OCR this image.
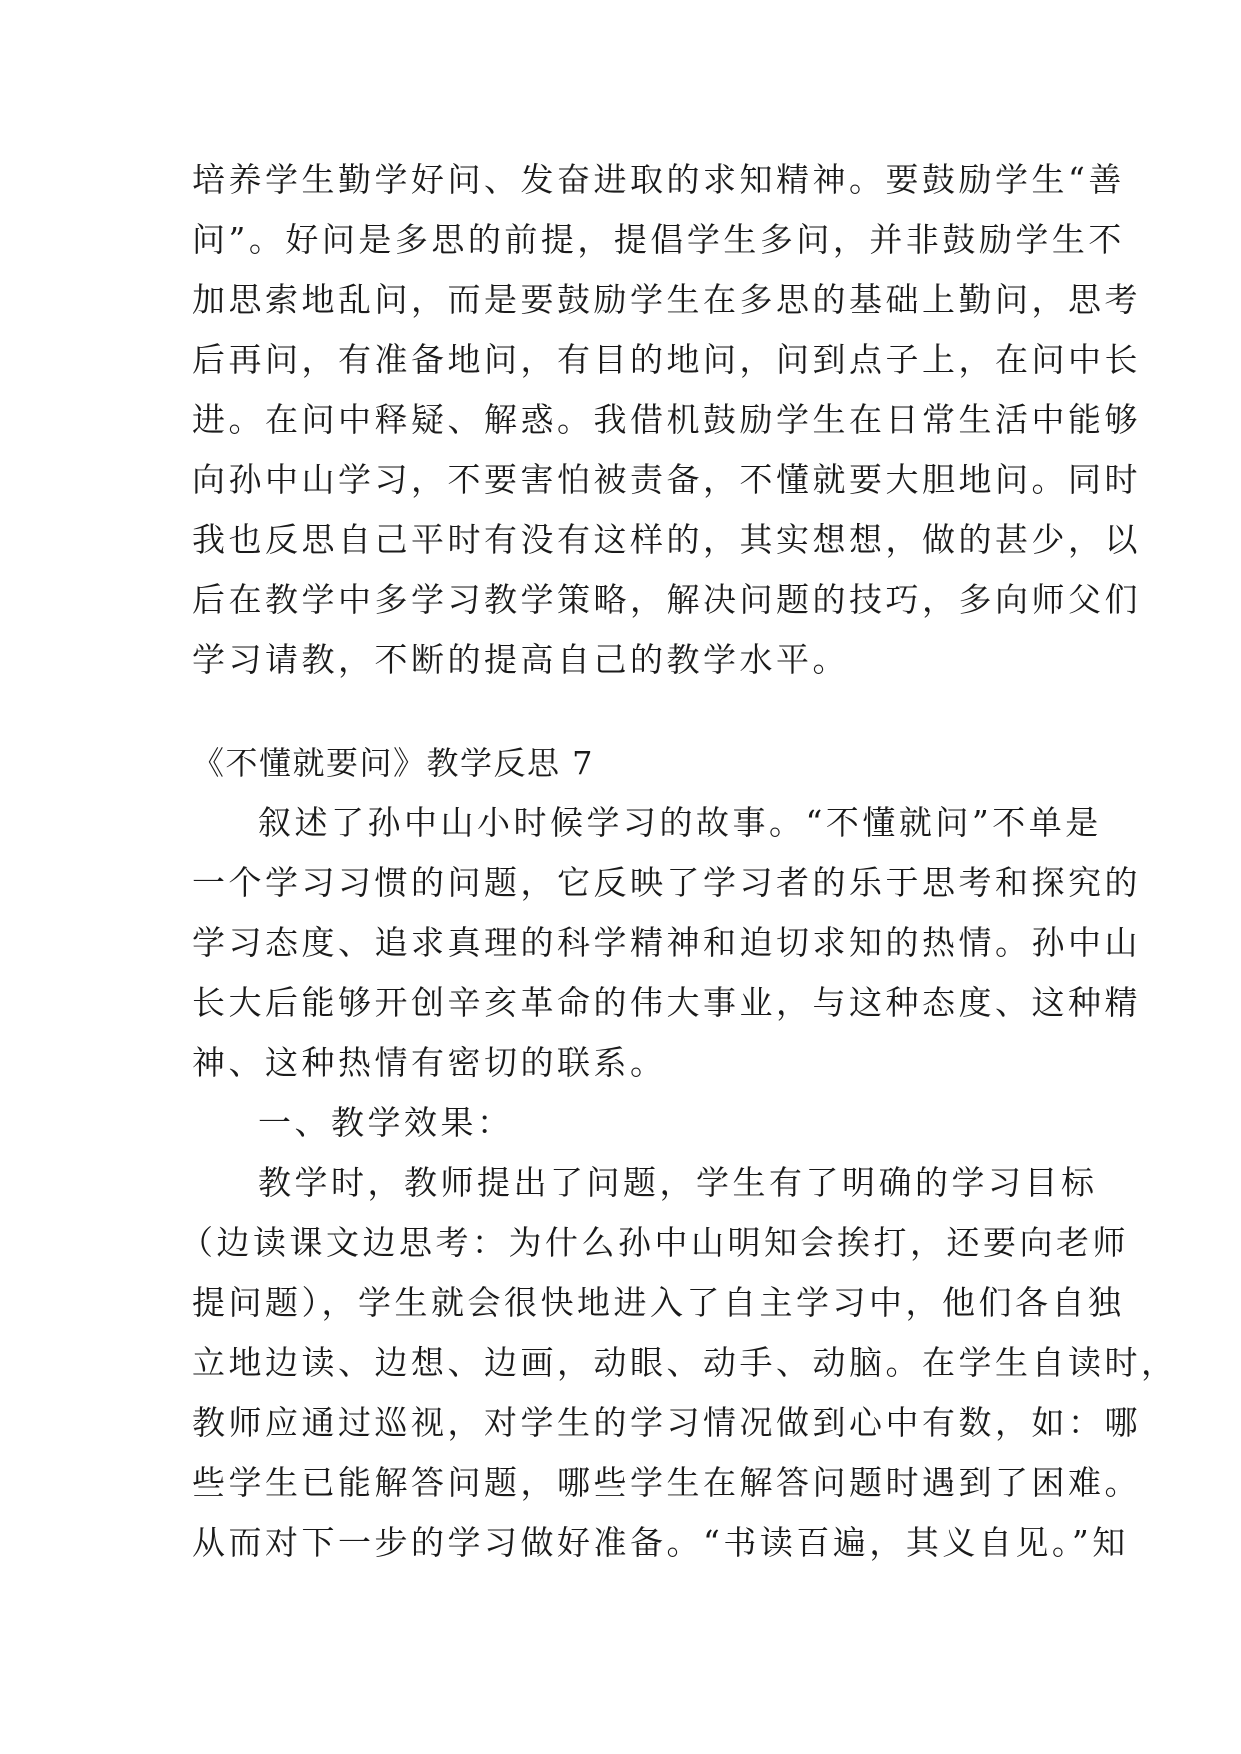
培养学生勤学好问、发奋进取的求知精神。要鼓励学生“善
问”。好问是多思的前提，提倡学生多问，并非鼓励学生不
加思索地乱问，而是要鼓励学生在多思的基础上勤问，思考
后再问，有准备地问，有目的地问，问到点子上，在问中长
进。在问中释疑、解惑。我借机鼓励学生在日常生活中能够
向孙中山学习，不要害怕被责备，不懂就要大胆地问。同时
我也反思自己平时有没有这样的，其实想想，做的甚少，以
后在教学中多学习教学策略，解决问题的技巧，多向师父们
学习请教，不断的提高自己的教学水平。
《不懂就要问》教学反思 7
叙述了孙中山小时候学习的故事。“不懂就问”不单是
一个学习习惯的问题，它反映了学习者的乐于思考和探究的
学习态度、追求真理的科学精神和迫切求知的热情。孙中山
长大后能够开创辛亥革命的伟大事业，与这种态度、这种精
神、这种热情有密切的联系。
一、教学效果：
教学时，教师提出了问题，学生有了明确的学习目标
（边读课文边思考：为什么孙中山明知会挨打，还要向老师
提问题），学生就会很快地进入了自主学习中，他们各自独
立地边读、边想、边画，动眼、动手、动脑。在学生自读时，
教师应通过巡视，对学生的学习情况做到心中有数，如：哪
些学生已能解答问题，哪些学生在解答问题时遇到了困难。
从而对下一步的学习做好准备。“书读百遍，其义自见。”知
